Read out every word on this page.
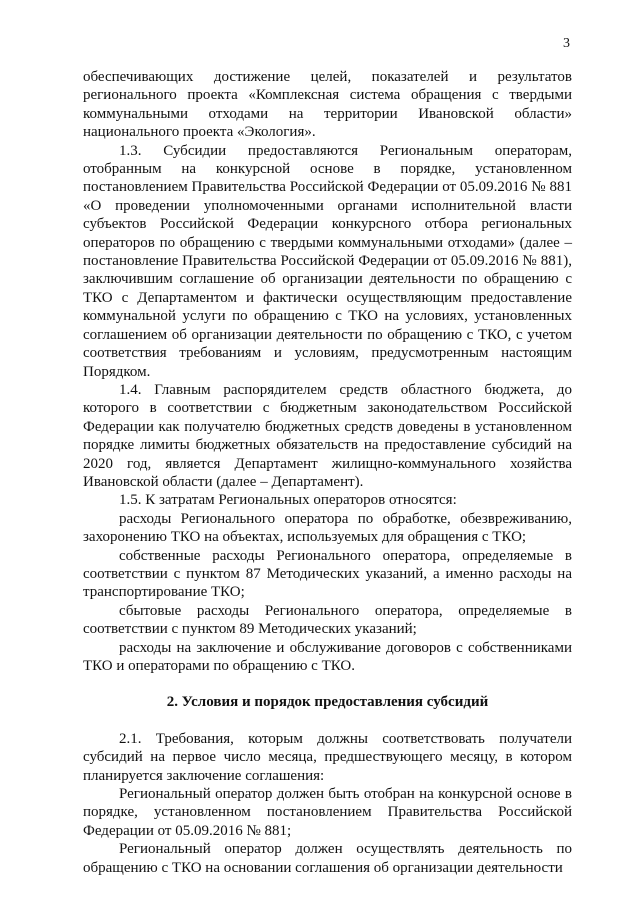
3

обеспечивающих достижение целей, показателей и результатов регионального проекта «Комплексная система обращения с твердыми коммунальными отходами на территории Ивановской области» национального проекта «Экология».

1.3. Субсидии предоставляются Региональным операторам, отобранным на конкурсной основе в порядке, установленном постановлением Правительства Российской Федерации от 05.09.2016 № 881 «О проведении уполномоченными органами исполнительной власти субъектов Российской Федерации конкурсного отбора региональных операторов по обращению с твердыми коммунальными отходами» (далее – постановление Правительства Российской Федерации от 05.09.2016 № 881), заключившим соглашение об организации деятельности по обращению с ТКО с Департаментом и фактически осуществляющим предоставление коммунальной услуги по обращению с ТКО на условиях, установленных соглашением об организации деятельности по обращению с ТКО, с учетом соответствия требованиям и условиям, предусмотренным настоящим Порядком.

1.4. Главным распорядителем средств областного бюджета, до которого в соответствии с бюджетным законодательством Российской Федерации как получателю бюджетных средств доведены в установленном порядке лимиты бюджетных обязательств на предоставление субсидий на 2020 год, является Департамент жилищно-коммунального хозяйства Ивановской области (далее – Департамент).

1.5. К затратам Региональных операторов относятся:

расходы Регионального оператора по обработке, обезвреживанию, захоронению ТКО на объектах, используемых для обращения с ТКО;

собственные расходы Регионального оператора, определяемые в соответствии с пунктом 87 Методических указаний, а именно расходы на транспортирование ТКО;

сбытовые расходы Регионального оператора, определяемые в соответствии с пунктом 89 Методических указаний;

расходы на заключение и обслуживание договоров с собственниками ТКО и операторами по обращению с ТКО.

2. Условия и порядок предоставления субсидий

2.1. Требования, которым должны соответствовать получатели субсидий на первое число месяца, предшествующего месяцу, в котором планируется заключение соглашения:

Региональный оператор должен быть отобран на конкурсной основе в порядке, установленном постановлением Правительства Российской Федерации от 05.09.2016 № 881;

Региональный оператор должен осуществлять деятельность по обращению с ТКО на основании соглашения об организации деятельности
